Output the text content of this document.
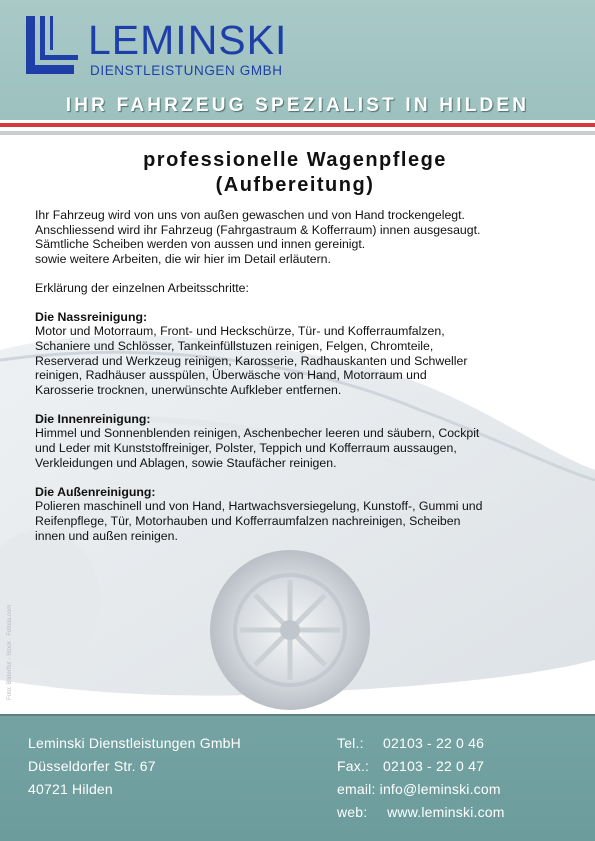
LEMINSKI
DIENSTLEISTUNGEN GMBH
IHR FAHRZEUG SPEZIALIST IN HILDEN
Foto: Bilderflut - Stock · Fotolia.com
professionelle Wagenpflege
(Aufbereitung)

Ihr Fahrzeug wird von uns von außen gewaschen und von Hand trockengelegt.

Anschliessend wird ihr Fahrzeug (Fahrgastraum & Kofferraum) innen ausgesaugt.

Sämtliche Scheiben werden von aussen und innen gereinigt.

sowie weitere Arbeiten, die wir hier im Detail erläutern.

Erklärung der einzelnen Arbeitsschritte:

Die Nassreinigung:

Motor und Motorraum, Front- und Heckschürze, Tür- und Kofferraumfalzen,

Schaniere und Schlösser, Tankeinfüllstuzen reinigen, Felgen, Chromteile,

Reserverad und Werkzeug reinigen, Karosserie, Radhauskanten und Schweller

reinigen, Radhäuser ausspülen, Überwäsche von Hand, Motorraum und

Karosserie trocknen, unerwünschte Aufkleber entfernen.

Die Innenreinigung:

Himmel und Sonnenblenden reinigen, Aschenbecher leeren und säubern, Cockpit

und Leder mit Kunststoffreiniger, Polster, Teppich und Kofferraum aussaugen,

Verkleidungen und Ablagen, sowie Staufächer reinigen.

Die Außenreinigung:

Polieren maschinell und von Hand, Hartwachsversiegelung, Kunstoff-, Gummi und

Reifenpflege, Tür, Motorhauben und Kofferraumfalzen nachreinigen, Scheiben

innen und außen reinigen.

Leminski Dienstleistungen GmbH
Düsseldorfer Str. 67
40721 Hilden
Tel.: 02103 - 22 0 46
Fax.: 02103 - 22 0 47
email: info@leminski.com
web: www.leminski.com
